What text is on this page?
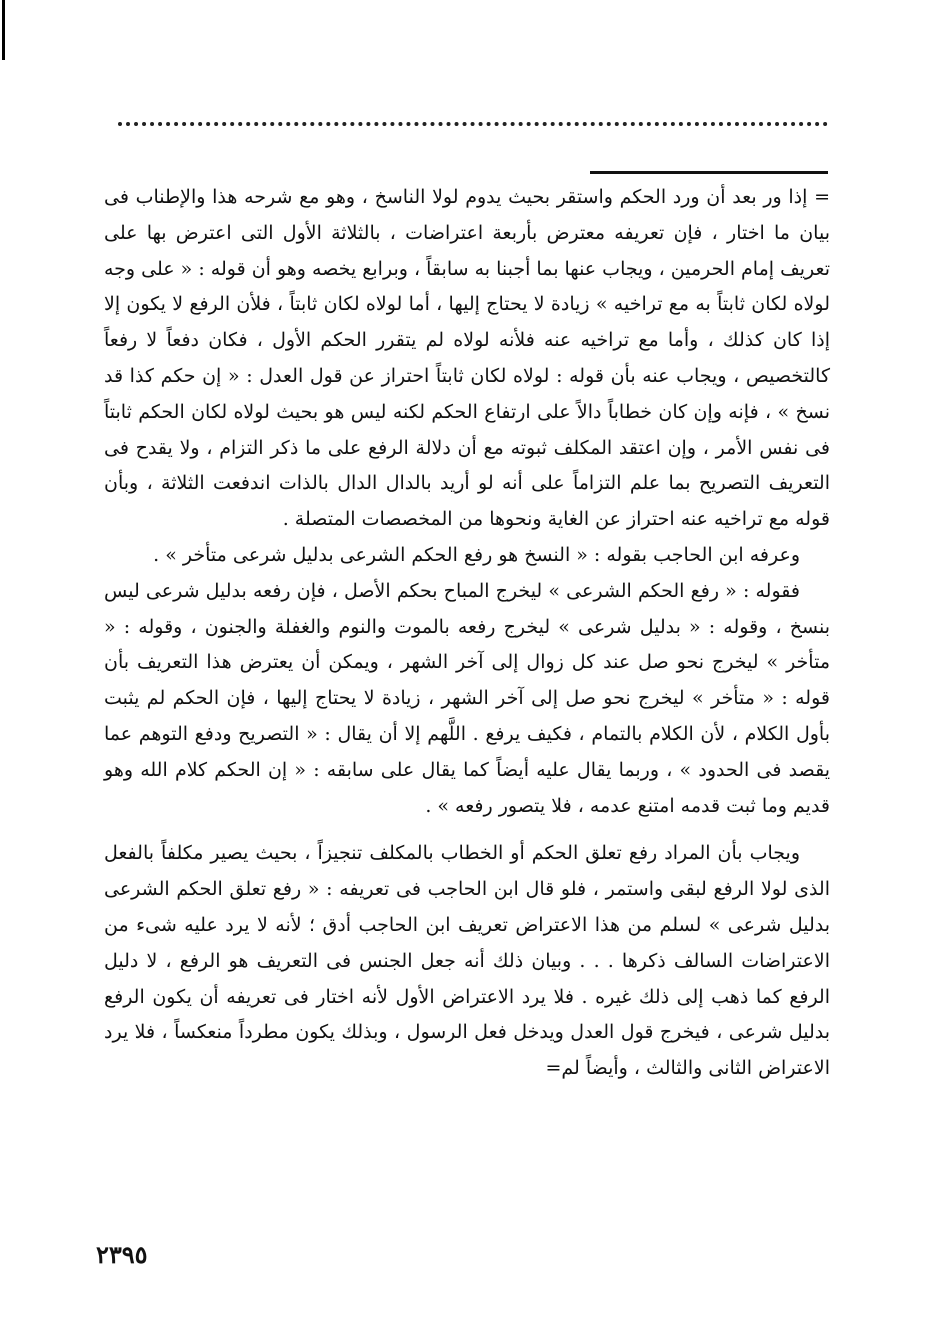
= إذا ور بعد أن ورد الحكم واستقر بحيث يدوم لولا الناسخ ، وهو مع شرحه هذا والإطناب فى بيان ما اختار ، فإن تعريفه معترض بأربعة اعتراضات ، بالثلاثة الأول التى اعترض بها على تعريف إمام الحرمين ، ويجاب عنها بما أجبنا به سابقاً ، وبرابع يخصه وهو أن قوله : « على وجه لولاه لكان ثابتاً به مع تراخيه » زيادة لا يحتاج إليها ، أما لولاه لكان ثابتاً ، فلأن الرفع لا يكون إلا إذا كان كذلك ، وأما مع تراخيه عنه فلأنه لولاه لم يتقرر الحكم الأول ، فكان دفعاً لا رفعاً كالتخصيص ، ويجاب عنه بأن قوله : لولاه لكان ثابتاً احتراز عن قول العدل : « إن حكم كذا قد نسخ » ، فإنه وإن كان خطاباً دالاً على ارتفاع الحكم لكنه ليس هو بحيث لولاه لكان الحكم ثابتاً فى نفس الأمر ، وإن اعتقد المكلف ثبوته مع أن دلالة الرفع على ما ذكر التزام ، ولا يقدح فى التعريف التصريح بما علم التزاماً على أنه لو أريد بالدال الدال بالذات اندفعت الثلاثة ، وبأن قوله مع تراخيه عنه احتراز عن الغاية ونحوها من المخصصات المتصلة .

وعرفه ابن الحاجب بقوله : « النسخ هو رفع الحكم الشرعى بدليل شرعى متأخر » .

فقوله : « رفع الحكم الشرعى » ليخرج المباح بحكم الأصل ، فإن رفعه بدليل شرعى ليس بنسخ ، وقوله : « بدليل شرعى » ليخرج رفعه بالموت والنوم والغفلة والجنون ، وقوله : « متأخر » ليخرج نحو صل عند كل زوال إلى آخر الشهر ، ويمكن أن يعترض هذا التعريف بأن قوله : « متأخر » ليخرج نحو صل إلى آخر الشهر ، زيادة لا يحتاج إليها ، فإن الحكم لم يثبت بأول الكلام ، لأن الكلام بالتمام ، فكيف يرفع . اللَّهم إلا أن يقال : « التصريح ودفع التوهم عما يقصد فى الحدود » ، وربما يقال عليه أيضاً كما يقال على سابقه : « إن الحكم كلام الله وهو قديم وما ثبت قدمه امتنع عدمه ، فلا يتصور رفعه » .

ويجاب بأن المراد رفع تعلق الحكم أو الخطاب بالمكلف تنجيزاً ، بحيث يصير مكلفاً بالفعل الذى لولا الرفع لبقى واستمر ، فلو قال ابن الحاجب فى تعريفه : « رفع تعلق الحكم الشرعى بدليل شرعى » لسلم من هذا الاعتراض تعريف ابن الحاجب أدق ؛ لأنه لا يرد عليه شىء من الاعتراضات السالف ذكرها . . . وبيان ذلك أنه جعل الجنس فى التعريف هو الرفع ، لا دليل الرفع كما ذهب إلى ذلك غيره . فلا يرد الاعتراض الأول لأنه اختار فى تعريفه أن يكون الرفع بدليل شرعى ، فيخرج قول العدل ويدخل فعل الرسول ، وبذلك يكون مطرداً منعكساً ، فلا يرد الاعتراض الثانى والثالث ، وأيضاً لم=

٢٣٩٥
